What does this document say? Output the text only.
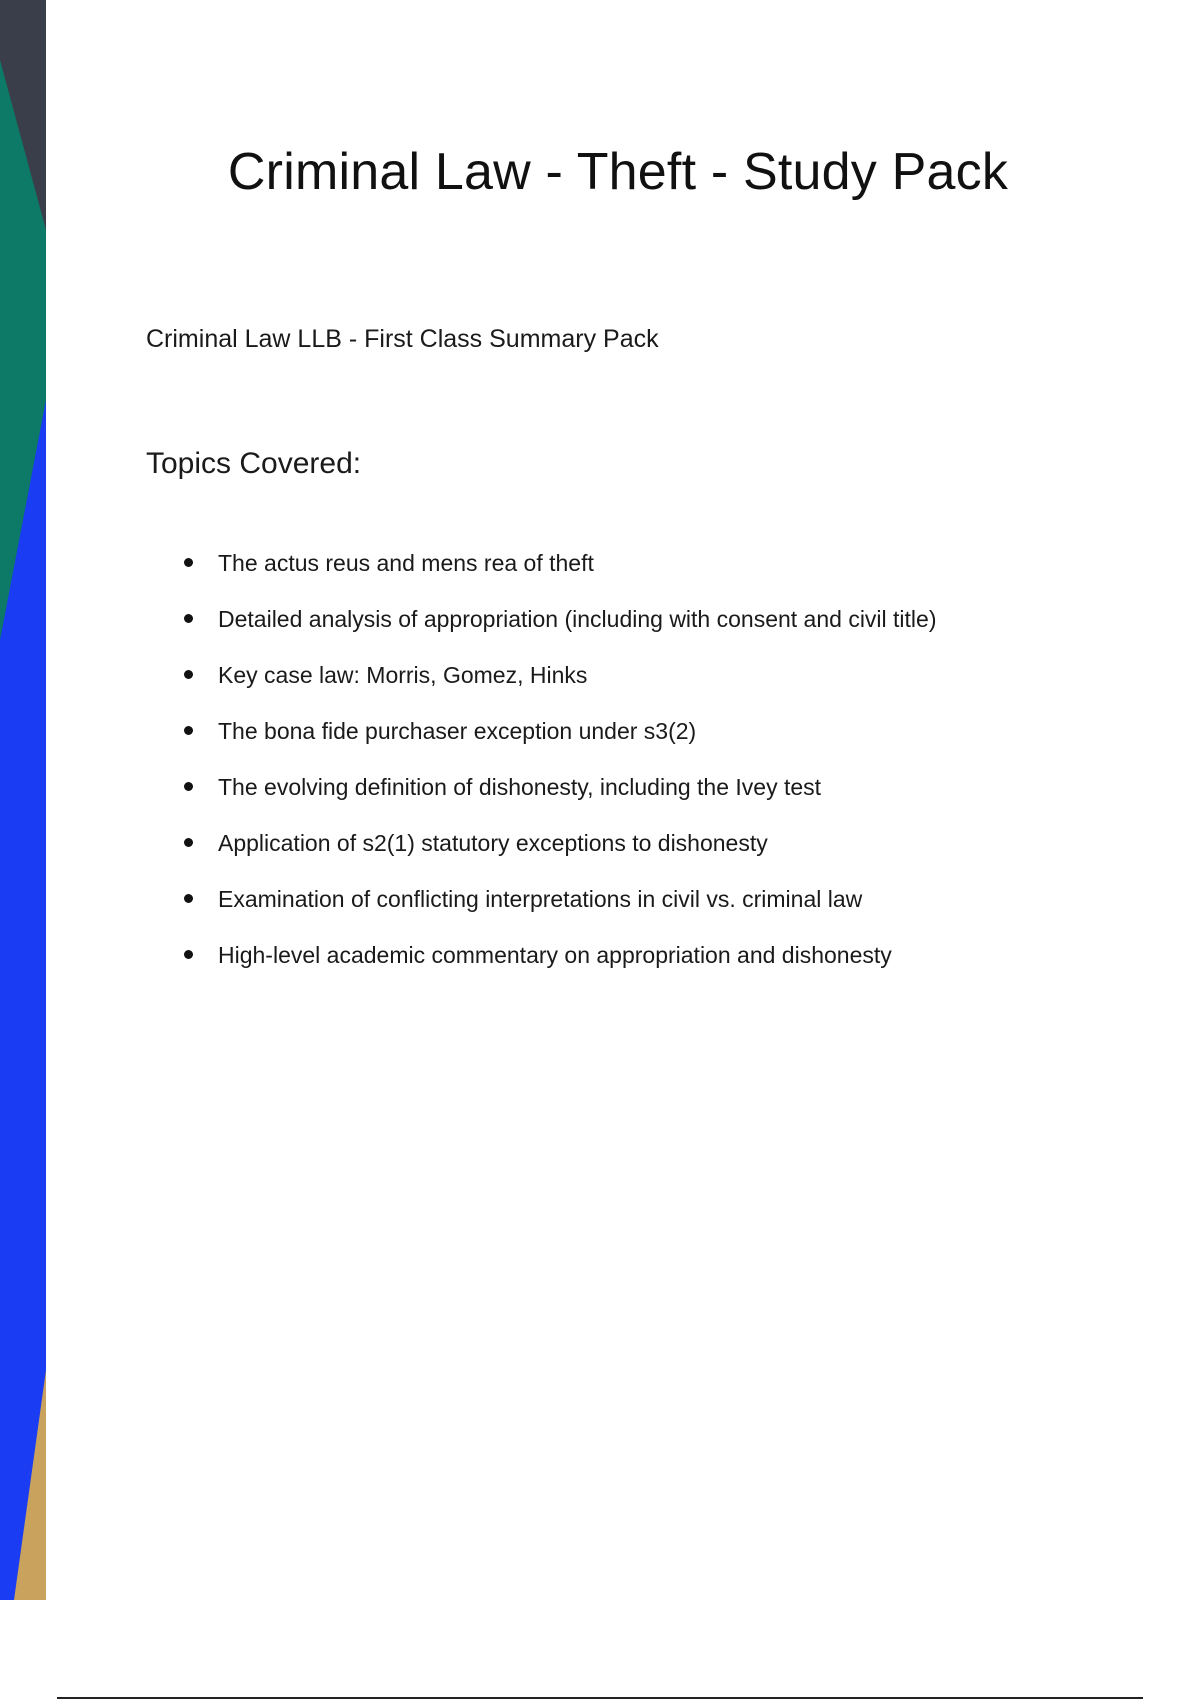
Criminal Law - Theft - Study Pack
Criminal Law LLB - First Class Summary Pack
Topics Covered:
The actus reus and mens rea of theft
Detailed analysis of appropriation (including with consent and civil title)
Key case law: Morris, Gomez, Hinks
The bona fide purchaser exception under s3(2)
The evolving definition of dishonesty, including the Ivey test
Application of s2(1) statutory exceptions to dishonesty
Examination of conflicting interpretations in civil vs. criminal law
High-level academic commentary on appropriation and dishonesty
